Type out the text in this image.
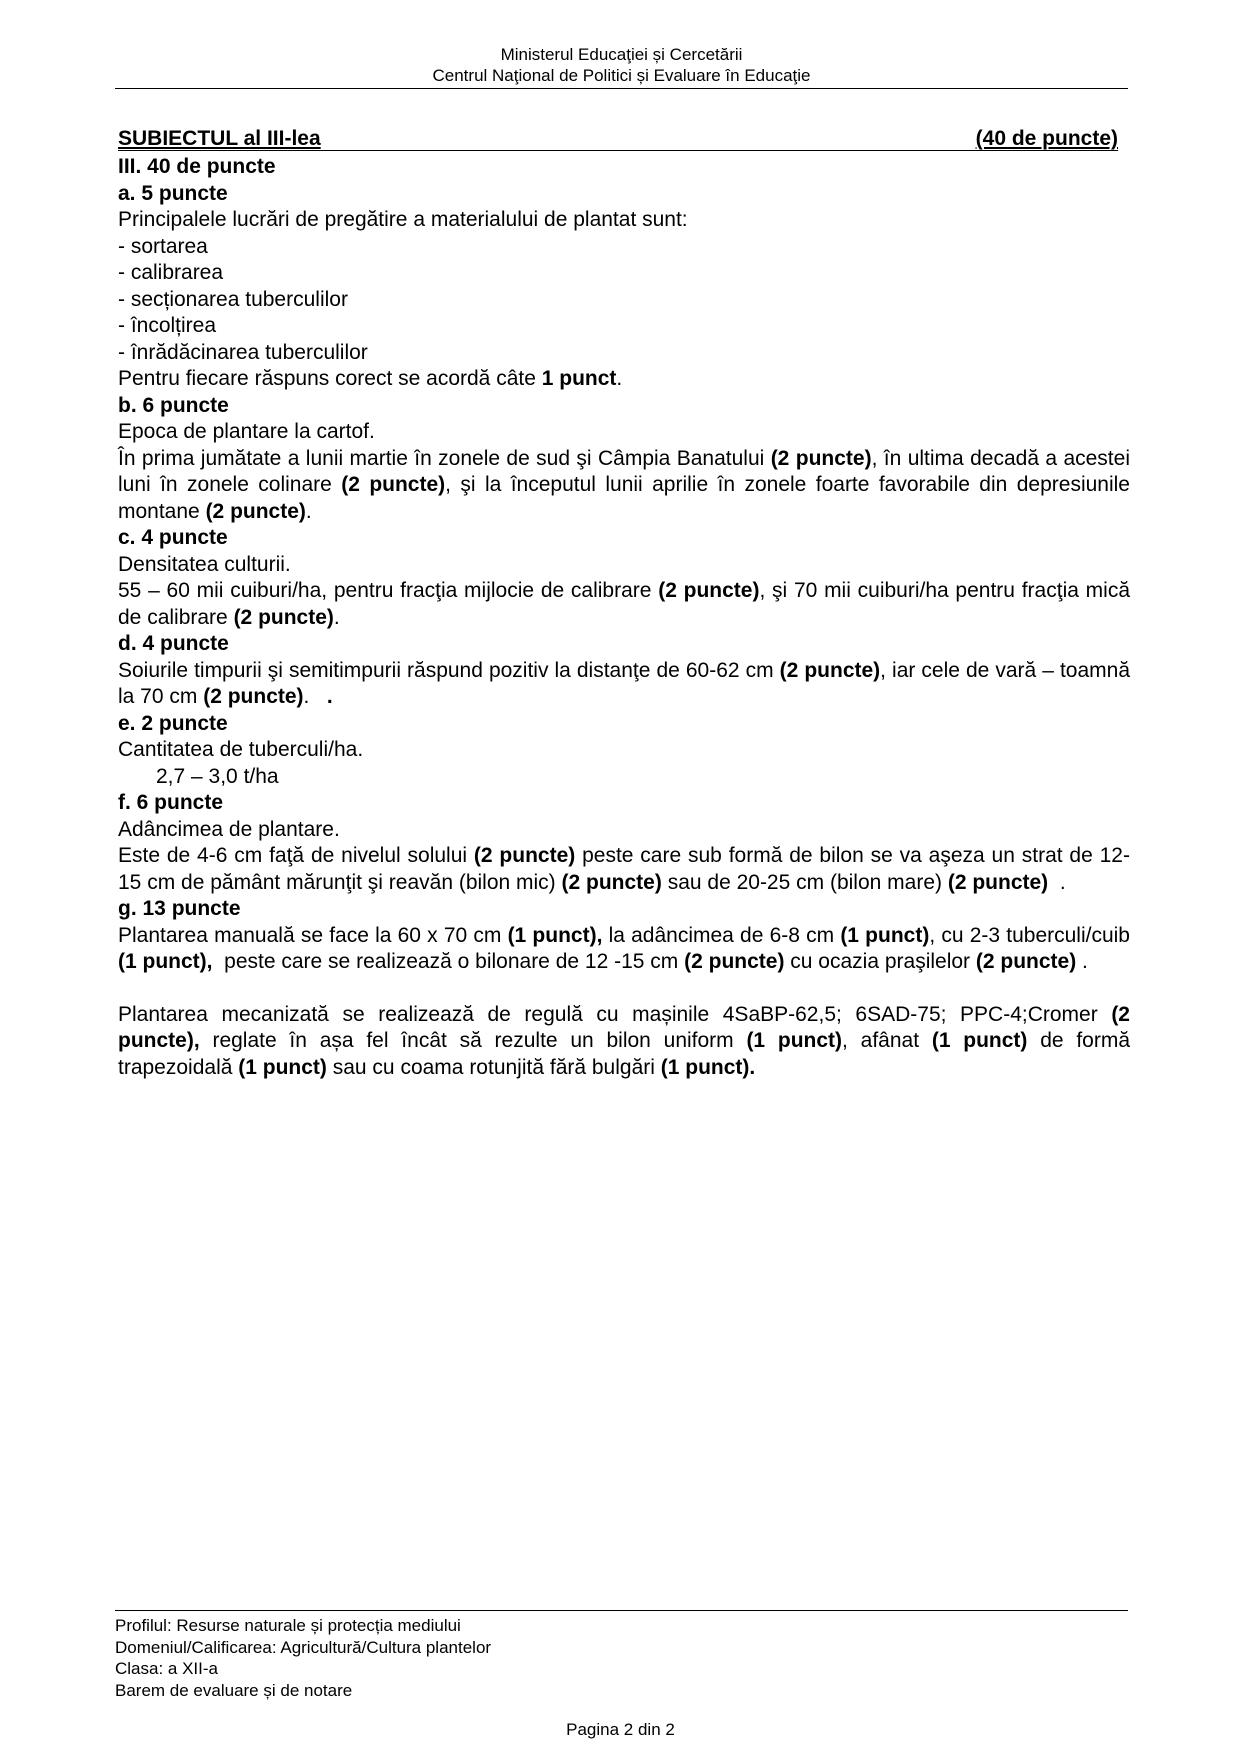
Ministerul Educaţiei și Cercetării
Centrul Naţional de Politici și Evaluare în Educaţie
SUBIECTUL al III-lea	(40 de puncte)
III. 40 de puncte
a. 5 puncte
Principalele lucrări de pregătire a materialului de plantat sunt:
- sortarea
- calibrarea
- secționarea tuberculilor
- încolțirea
- înrădăcinarea tuberculilor
Pentru fiecare răspuns corect se acordă câte 1 punct.
b. 6 puncte
Epoca de plantare la cartof.
În prima jumătate a lunii martie în zonele de sud şi Câmpia Banatului (2 puncte), în ultima decadă a acestei luni în zonele colinare (2 puncte), şi la începutul lunii aprilie în zonele foarte favorabile din depresiunile montane (2 puncte).
c. 4 puncte
Densitatea culturii.
55 – 60 mii cuiburi/ha, pentru fracţia mijlocie de calibrare (2 puncte), şi 70 mii cuiburi/ha pentru fracţia mică de calibrare (2 puncte).
d. 4 puncte
Soiurile timpurii şi semitimpurii răspund pozitiv la distanţe de 60-62 cm (2 puncte), iar cele de vară – toamnă la 70 cm (2 puncte).   .
e. 2 puncte
Cantitatea de tuberculi/ha.
2,7 – 3,0 t/ha
f. 6 puncte
Adâncimea de plantare.
Este de 4-6 cm faţă de nivelul solului (2 puncte) peste care sub formă de bilon se va aşeza un strat de 12-15 cm de pământ mărunţit şi reavăn (bilon mic) (2 puncte) sau de 20-25 cm (bilon mare) (2 puncte)  .
g. 13 puncte
Plantarea manuală se face la 60 x 70 cm (1 punct), la adâncimea de 6-8 cm (1 punct), cu 2-3 tuberculi/cuib (1 punct),  peste care se realizează o bilonare de 12 -15 cm (2 puncte) cu ocazia praşilelor (2 puncte) .
Plantarea mecanizată se realizează de regulă cu mașinile 4SaBP-62,5; 6SAD-75; PPC-4;Cromer (2 puncte), reglate în așa fel încât să rezulte un bilon uniform (1 punct), afânat (1 punct) de formă trapezoidală (1 punct) sau cu coama rotunjită fără bulgări (1 punct).
Profilul: Resurse naturale și protecția mediului
Domeniul/Calificarea: Agricultură/Cultura plantelor
Clasa: a XII-a
Barem de evaluare și de notare
Pagina 2 din 2
